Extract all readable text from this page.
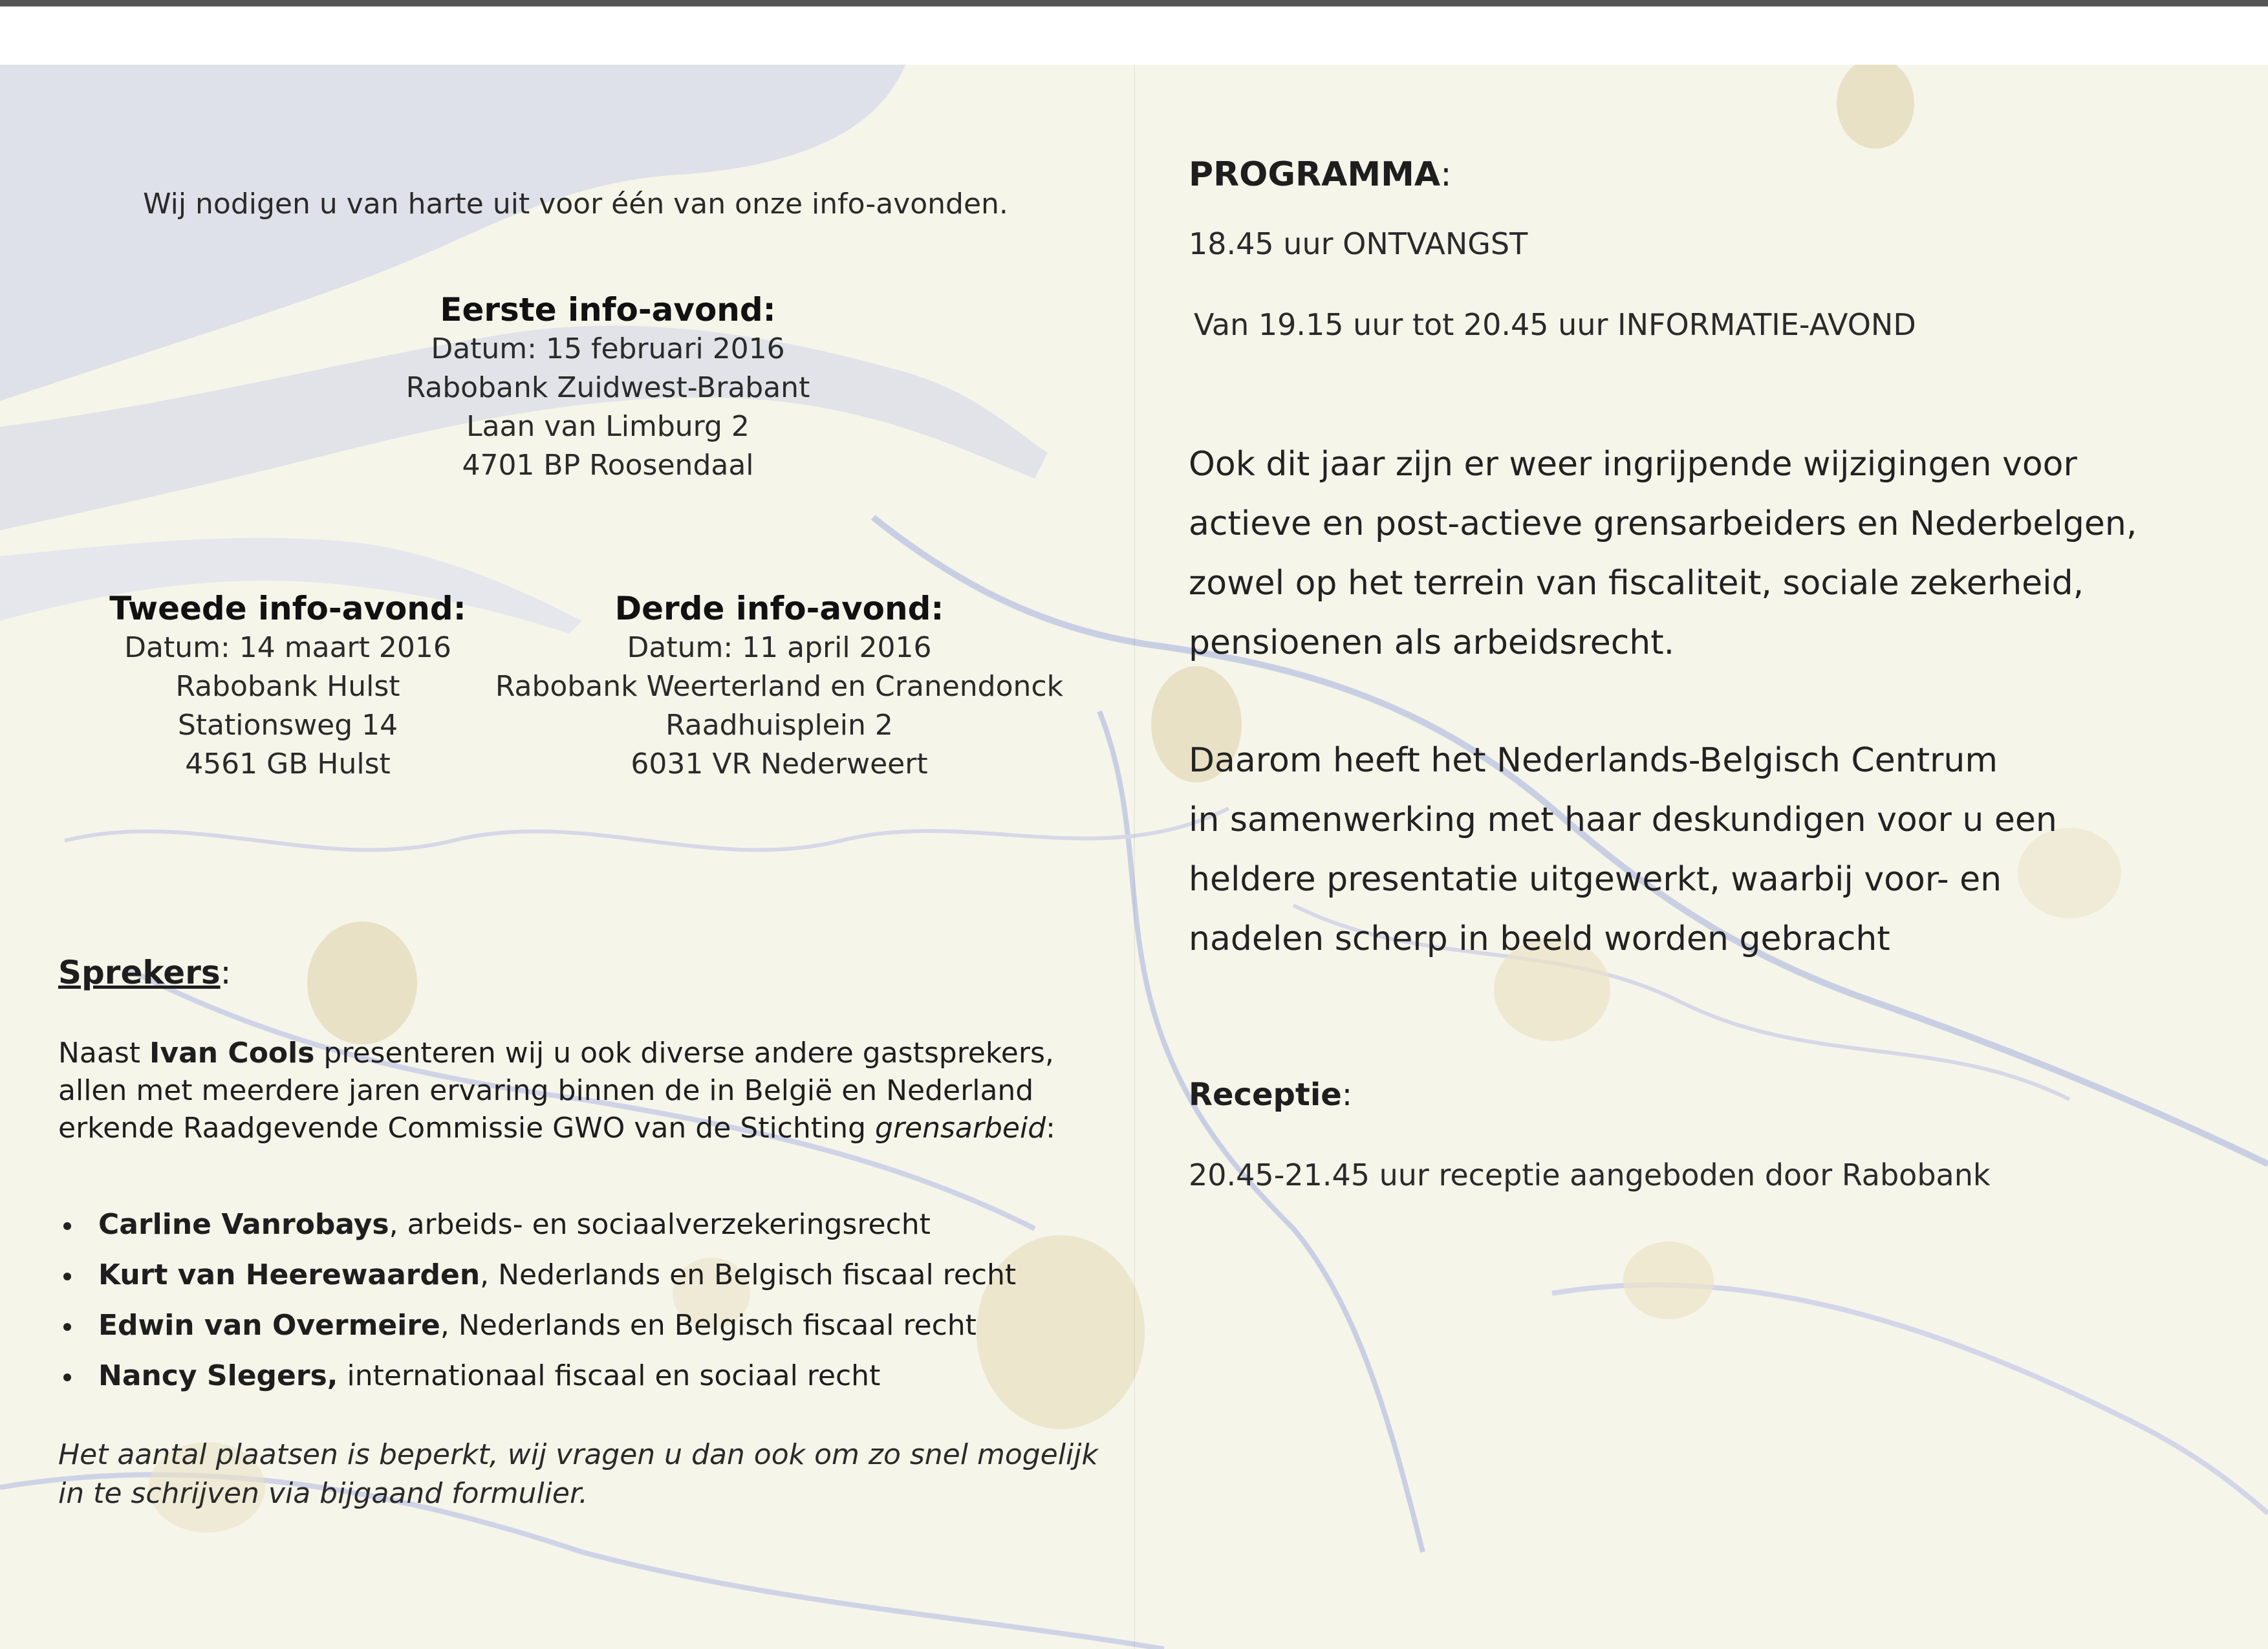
Wij nodigen u van harte uit voor één van onze info-avonden.
Eerste info-avond:
Datum: 15 februari 2016
Rabobank Zuidwest-Brabant
Laan van Limburg 2
4701 BP Roosendaal
Tweede info-avond:
Datum: 14 maart 2016
Rabobank Hulst
Stationsweg 14
4561 GB Hulst
Derde info-avond:
Datum: 11 april 2016
Rabobank Weerterland en Cranendonck
Raadhuisplein 2
6031 VR Nederweert
Sprekers:
Naast Ivan Cools presenteren wij u ook diverse andere gastsprekers,
allen met meerdere jaren ervaring binnen de in België en Nederland
erkende Raadgevende Commissie GWO van de Stichting grensarbeid:
Carline Vanrobays, arbeids- en sociaalverzekeringsrecht
Kurt van Heerewaarden, Nederlands en Belgisch fiscaal recht
Edwin van Overmeire, Nederlands en Belgisch fiscaal recht
Nancy Slegers, internationaal fiscaal en sociaal recht
Het aantal plaatsen is beperkt, wij vragen u dan ook om zo snel mogelijk
in te schrijven via bijgaand formulier.
PROGRAMMA:
18.45 uur ONTVANGST
Van 19.15 uur tot 20.45 uur INFORMATIE-AVOND
Ook dit jaar zijn er weer ingrijpende wijzigingen voor
actieve en post-actieve grensarbeiders en Nederbelgen,
zowel op het terrein van fiscaliteit, sociale zekerheid,
pensioenen als arbeidsrecht.
Daarom heeft het Nederlands-Belgisch Centrum
in samenwerking met haar deskundigen voor u een
heldere presentatie uitgewerkt, waarbij voor- en
nadelen scherp in beeld worden gebracht
Receptie:
20.45-21.45 uur receptie aangeboden door Rabobank
